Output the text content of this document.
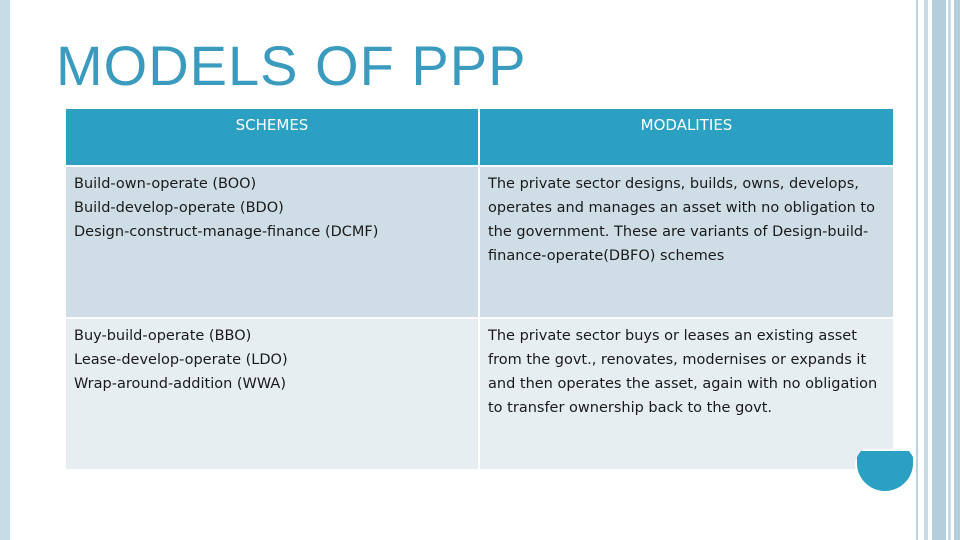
MODELS OF PPP
SCHEMES	MODALITIES
Build-own-operate (BOO)
Build-develop-operate (BDO)
Design-construct-manage-finance (DCMF)
The private sector designs, builds, owns, develops, operates and manages an asset with no obligation to the government. These are variants of Design-build-finance-operate(DBFO) schemes
Buy-build-operate (BBO)
Lease-develop-operate (LDO)
Wrap-around-addition (WWA)
The private sector buys or leases an existing asset from the govt., renovates, modernises or expands it and then operates the asset, again with no obligation to transfer ownership back to the govt.
